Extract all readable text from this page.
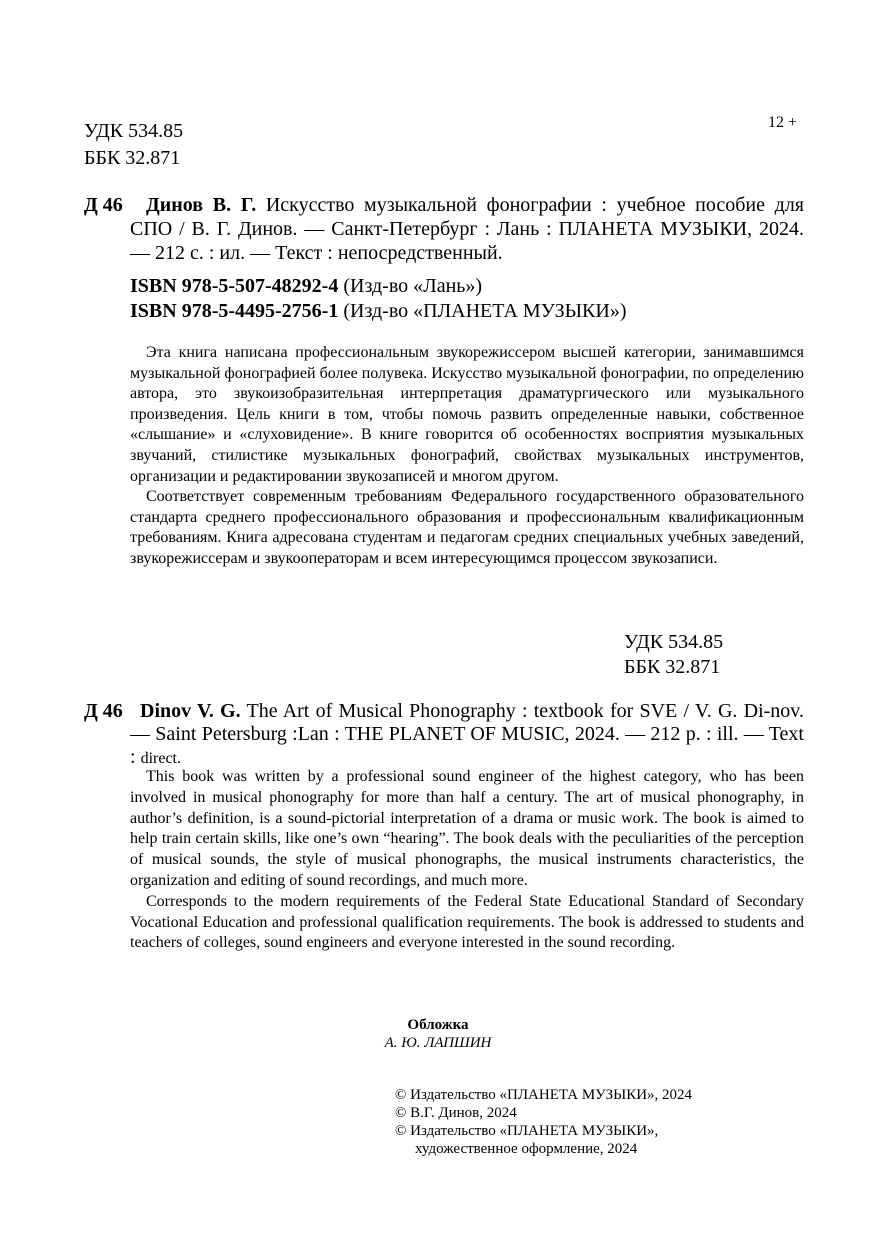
УДК 534.85
ББК 32.871
12 +
Д 46	Динов В. Г. Искусство музыкальной фонографии : учебное пособие для СПО / В. Г. Динов. — Санкт-Петербург : Лань : ПЛАНЕТА МУЗЫКИ, 2024. — 212 с. : ил. — Текст : непосредственный.
ISBN 978-5-507-48292-4 (Изд-во «Лань»)
ISBN 978-5-4495-2756-1 (Изд-во «ПЛАНЕТА МУЗЫКИ»)

Эта книга написана профессиональным звукорежиссером высшей категории, занимавшимся музыкальной фонографией более полувека. Искусство музыкальной фонографии, по определению автора, это звукоизобразительная интерпретация драматургического или музыкального произведения. Цель книги в том, чтобы помочь развить определенные навыки, собственное «слышание» и «слуховидение». В книге говорится об особенностях восприятия музыкальных звучаний, стилистике музыкальных фонографий, свойствах музыкальных инструментов, организации и редактировании звукозаписей и многом другом.

Соответствует современным требованиям Федерального государственного образовательного стандарта среднего профессионального образования и профессиональным квалификационным требованиям. Книга адресована студентам и педагогам средних специальных учебных заведений, звукорежиссерам и звукооператорам и всем интересующимся процессом звукозаписи.

УДК 534.85
ББК 32.871
Д 46 Dinov V. G. The Art of Musical Phonography : textbook for SVE / V. G. Di-nov. — Saint Petersburg :Lan : THE PLANET OF MUSIC, 2024. — 212 p. : ill. — Text : direct.

This book was written by a professional sound engineer of the highest category, who has been involved in musical phonography for more than half a century. The art of musical phonography, in author’s definition, is a sound-pictorial interpretation of a drama or music work. The book is aimed to help train certain skills, like one’s own “hearing”. The book deals with the peculiarities of the perception of musical sounds, the style of musical phonographs, the musical instruments characteristics, the organization and editing of sound recordings, and much more.

Corresponds to the modern requirements of the Federal State Educational Standard of Secondary Vocational Education and professional qualification requirements. The book is addressed to students and teachers of colleges, sound engineers and everyone interested in the sound recording.

Обложка
А. Ю. ЛАПШИН
© Издательство «ПЛАНЕТА МУЗЫКИ», 2024
© В.Г. Динов, 2024
© Издательство «ПЛАНЕТА МУЗЫКИ»,
художественное оформление, 2024
